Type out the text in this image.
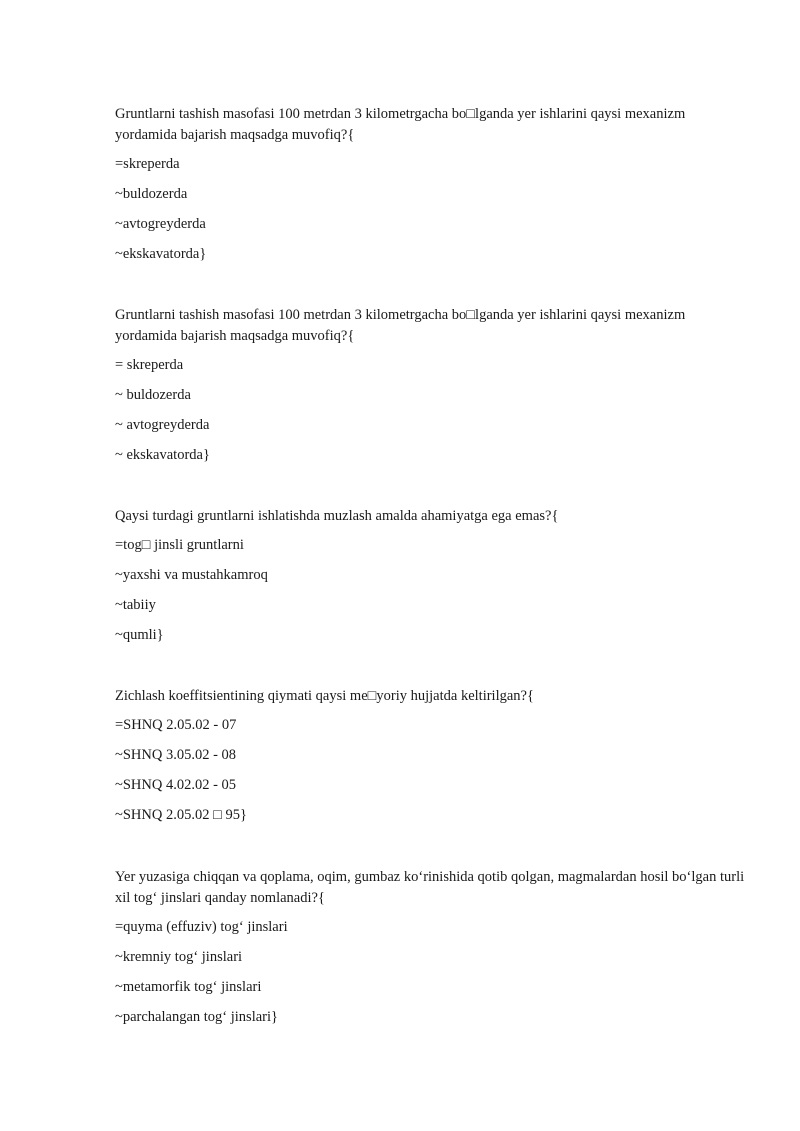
Gruntlarni tashish masofasi 100 metrdan 3 kilometrgacha bo□lganda yer ishlarini qaysi mexanizm yordamida bajarish maqsadga muvofiq?{

=skreperda

~buldozerda

~avtogreyderda

~ekskavatorda}

Gruntlarni tashish masofasi 100 metrdan 3 kilometrgacha bo□lganda yer ishlarini qaysi mexanizm yordamida bajarish maqsadga muvofiq?{

= skreperda

~ buldozerda

~ avtogreyderda

~ ekskavatorda}

Qaysi turdagi gruntlarni ishlatishda muzlash amalda ahamiyatga ega emas?{

=tog□ jinsli gruntlarni

~yaxshi va mustahkamroq

~tabiiy

~qumli}

Zichlash koeffitsientining qiymati qaysi me□yoriy hujjatda keltirilgan?{

=SHNQ 2.05.02 - 07

~SHNQ 3.05.02 - 08

~SHNQ 4.02.02 - 05

~SHNQ 2.05.02 □ 95}

Yer yuzasiga chiqqan va qoplama, oqim, gumbaz ko‘rinishida qotib qolgan, magmalardan hosil bo‘lgan turli xil tog‘ jinslari qanday nomlanadi?{

=quyma (effuziv) tog‘ jinslari

~kremniy tog‘ jinslari

~metamorfik tog‘ jinslari

~parchalangan tog‘ jinslari}
